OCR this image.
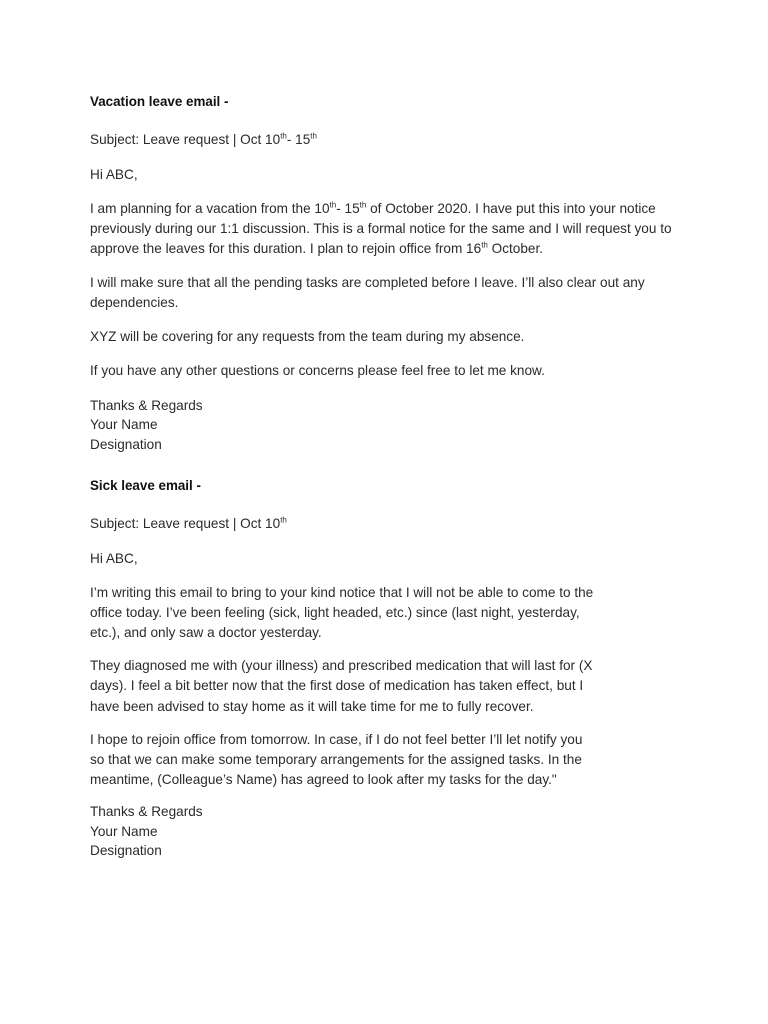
Vacation leave email -
Subject: Leave request | Oct 10th- 15th
Hi ABC,
I am planning for a vacation from the 10th- 15th of October 2020. I have put this into your notice
previously during our 1:1 discussion. This is a formal notice for the same and I will request you to
approve the leaves for this duration. I plan to rejoin office from 16th October.
I will make sure that all the pending tasks are completed before I leave. I’ll also clear out any
dependencies.
XYZ will be covering for any requests from the team during my absence.
If you have any other questions or concerns please feel free to let me know.
Thanks & Regards
Your Name
Designation
Sick leave email -
Subject: Leave request | Oct 10th
Hi ABC,
I’m writing this email to bring to your kind notice that I will not be able to come to the
office today. I’ve been feeling (sick, light headed, etc.) since (last night, yesterday,
etc.), and only saw a doctor yesterday.
They diagnosed me with (your illness) and prescribed medication that will last for (X
days). I feel a bit better now that the first dose of medication has taken effect, but I
have been advised to stay home as it will take time for me to fully recover.
I hope to rejoin office from tomorrow. In case, if I do not feel better I’ll let notify you
so that we can make some temporary arrangements for the assigned tasks. In the
meantime, (Colleague’s Name) has agreed to look after my tasks for the day."
Thanks & Regards
Your Name
Designation
